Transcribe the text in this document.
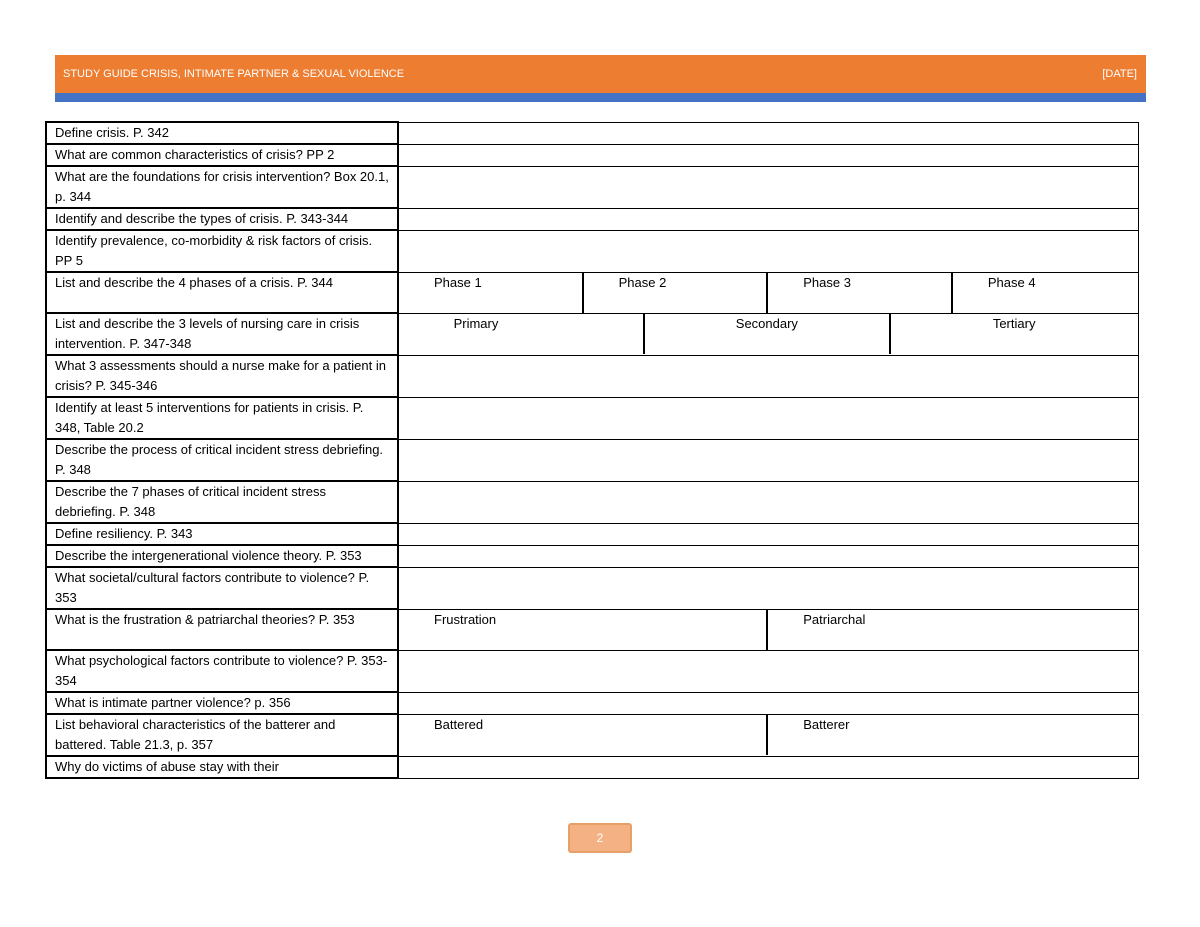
STUDY GUIDE CRISIS, INTIMATE PARTNER & SEXUAL VIOLENCE	[DATE]
Define crisis. P. 342	
What are common characteristics of crisis? PP 2	
What are the foundations for crisis intervention? Box 20.1, p. 344	
Identify and describe the types of crisis. P. 343-344	
Identify prevalence, co-morbidity & risk factors of crisis. PP 5	
List and describe the 4 phases of a crisis. P. 344	Phase 1 Phase 2 Phase 3 Phase 4

List and describe the 3 levels of nursing care in crisis intervention. P. 347-348	Primary Secondary Tertiary

What 3 assessments should a nurse make for a patient in crisis? P. 345-346	
Identify at least 5 interventions for patients in crisis. P. 348, Table 20.2	
Describe the process of critical incident stress debriefing. P. 348	
Describe the 7 phases of critical incident stress debriefing. P. 348	
Define resiliency. P. 343	
Describe the intergenerational violence theory. P. 353	
What societal/cultural factors contribute to violence? P. 353	
What is the frustration & patriarchal theories? P. 353	Frustration Patriarchal

What psychological factors contribute to violence? P. 353-354	
What is intimate partner violence? p. 356	
List behavioral characteristics of the batterer and battered. Table 21.3, p. 357	Battered Batterer

Why do victims of abuse stay with their	
2
